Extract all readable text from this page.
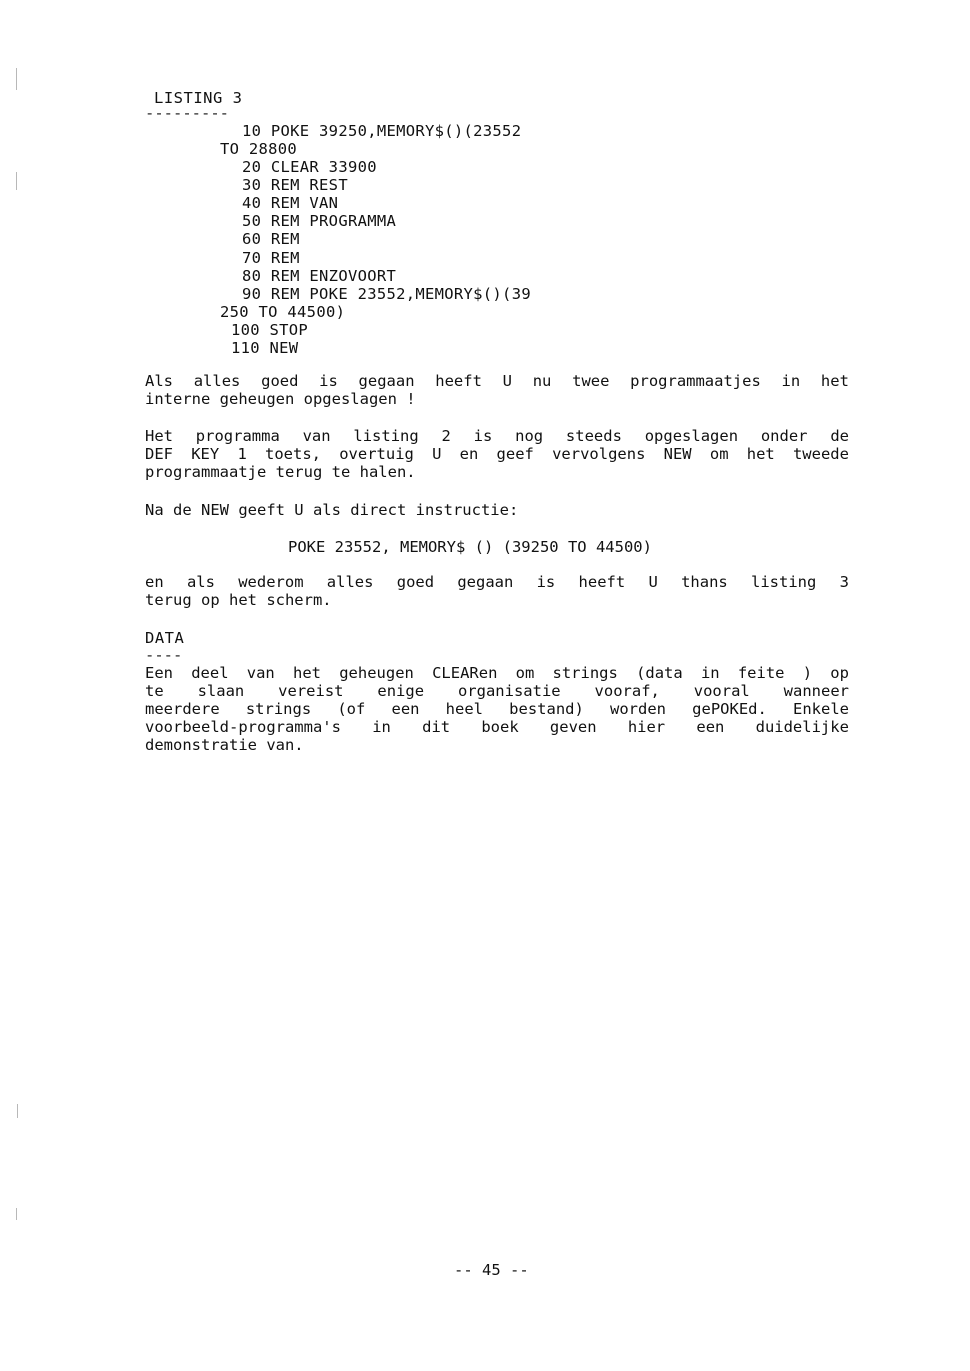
LISTING 3
---------
10 POKE 39250,MEMORY$()(23552
TO 28800
20 CLEAR 33900
30 REM REST
40 REM VAN
50 REM PROGRAMMA
60 REM
70 REM
80 REM ENZOVOORT
90 REM POKE 23552,MEMORY$()(39
250 TO 44500)
100 STOP
110 NEW
Als alles goed is gegaan heeft U nu twee programmaatjes in het
interne geheugen opgeslagen !
Het programma van listing 2 is nog steeds opgeslagen onder de
DEF KEY 1 toets, overtuig U en geef vervolgens NEW om het tweede
programmaatje terug te halen.
Na de NEW geeft U als direct instructie:
POKE 23552, MEMORY$ () (39250 TO 44500)
en als wederom alles goed gegaan is heeft U thans listing 3
terug op het scherm.
DATA
----
Een deel van het geheugen CLEARen om strings (data in feite ) op
te slaan vereist enige organisatie vooraf, vooral wanneer
meerdere strings (of een heel bestand) worden gePOKEd. Enkele
voorbeeld-programma's in dit boek geven hier een duidelijke
demonstratie van.
-- 45 --
